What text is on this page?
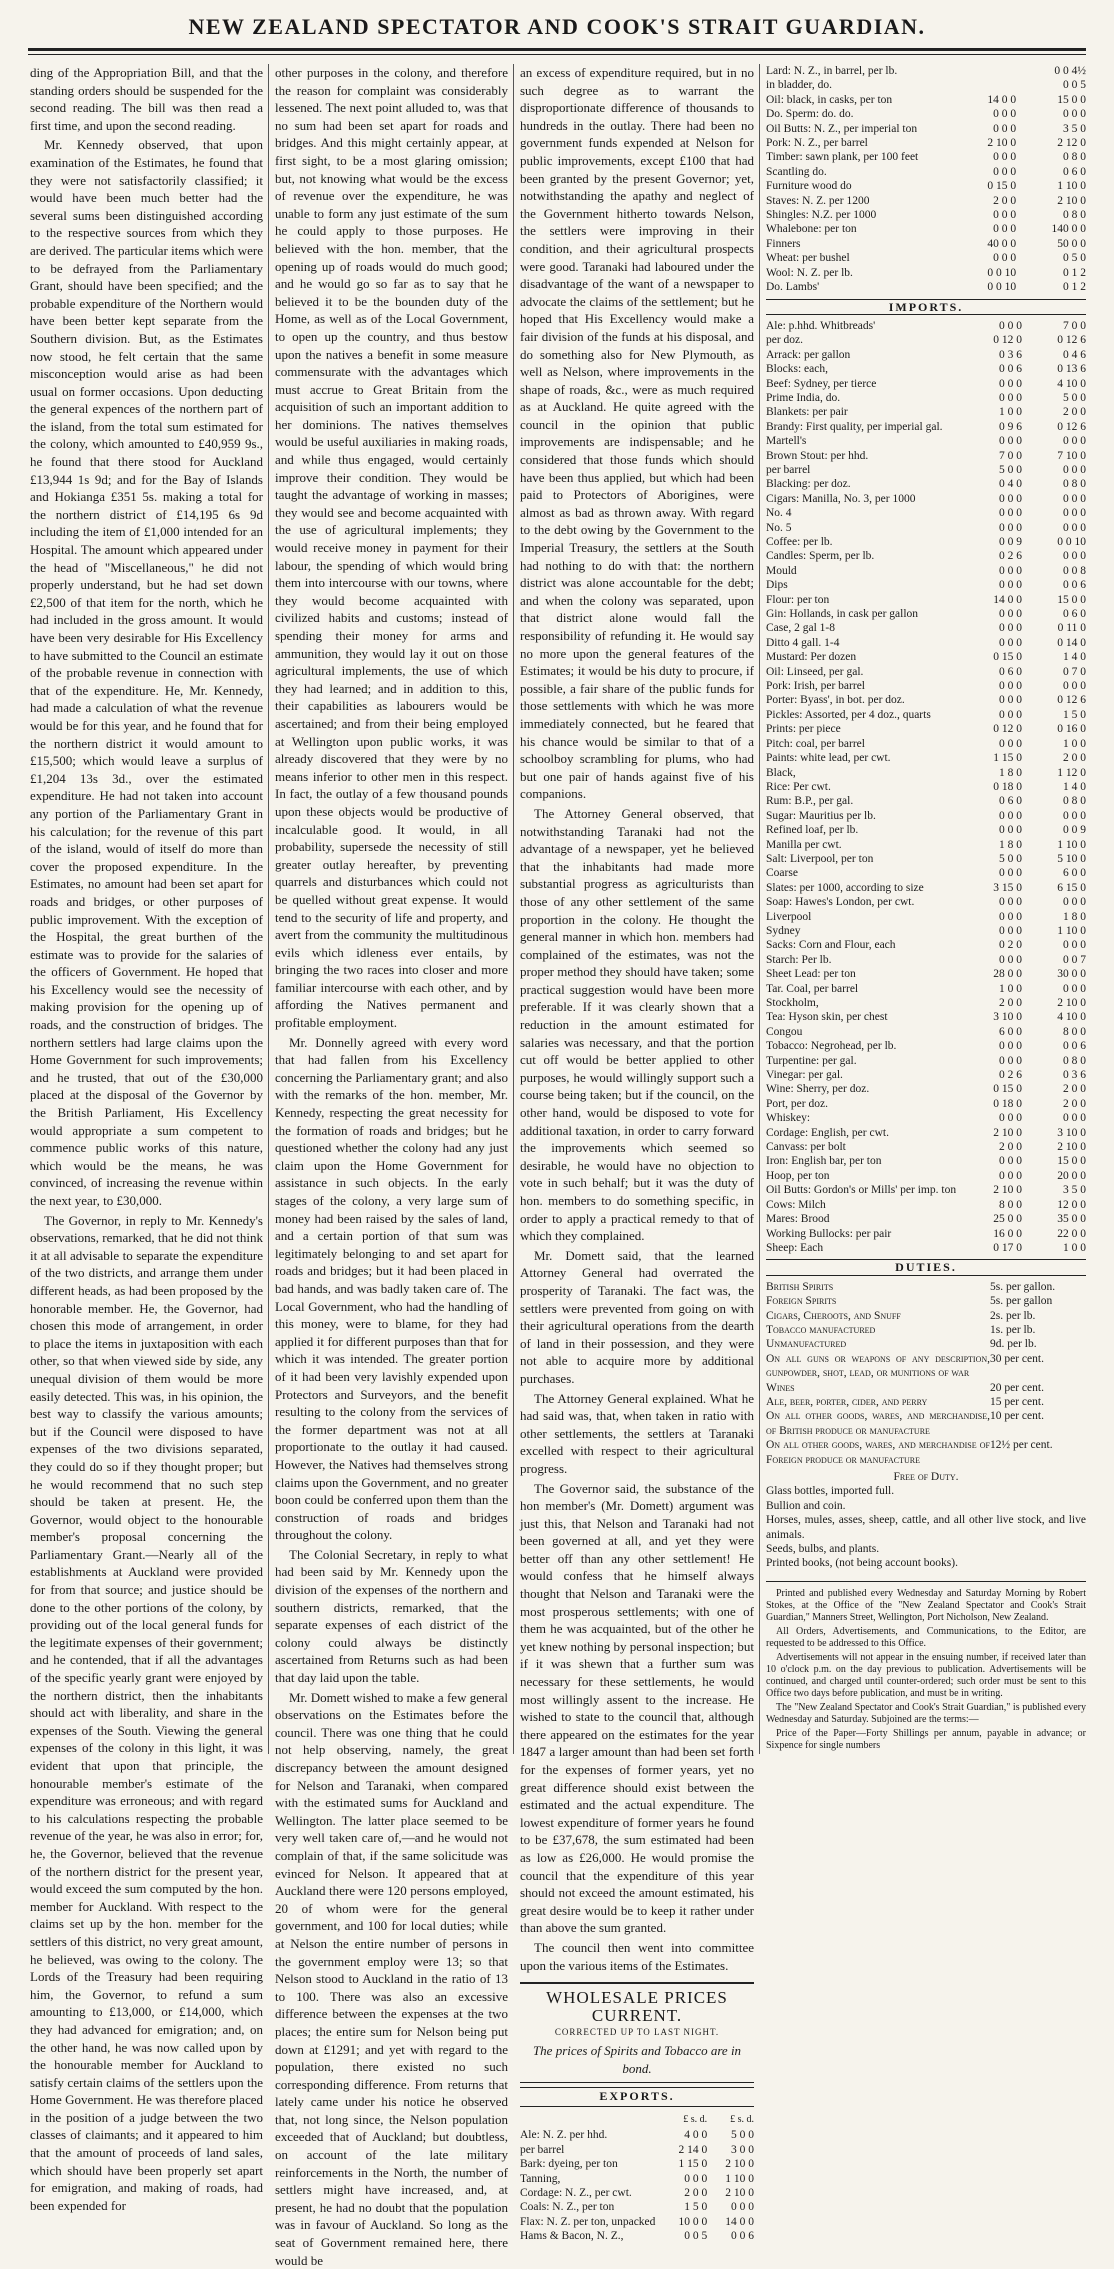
NEW ZEALAND SPECTATOR AND COOK'S STRAIT GUARDIAN.

ding of the Appropriation Bill, and that the standing orders should be suspended for the second reading. The bill was then read a first time, and upon the second reading.

Mr. Kennedy observed, that upon examination of the Estimates, he found that they were not satisfactorily classified; it would have been much better had the several sums been distinguished according to the respective sources from which they are derived. The particular items which were to be defrayed from the Parliamentary Grant, should have been specified; and the probable expenditure of the Northern would have been better kept separate from the Southern division. But, as the Estimates now stood, he felt certain that the same misconception would arise as had been usual on former occasions. Upon deducting the general expences of the northern part of the island, from the total sum estimated for the colony, which amounted to £40,959 9s., he found that there stood for Auckland £13,944 1s 9d; and for the Bay of Islands and Hokianga £351 5s. making a total for the northern district of £14,195 6s 9d including the item of £1,000 intended for an Hospital. The amount which appeared under the head of "Miscellaneous," he did not properly understand, but he had set down £2,500 of that item for the north, which he had included in the gross amount. It would have been very desirable for His Excellency to have submitted to the Council an estimate of the probable revenue in connection with that of the expenditure. He, Mr. Kennedy, had made a calculation of what the revenue would be for this year, and he found that for the northern district it would amount to £15,500; which would leave a surplus of £1,204 13s 3d., over the estimated expenditure. He had not taken into account any portion of the Parliamentary Grant in his calculation; for the revenue of this part of the island, would of itself do more than cover the proposed expenditure. In the Estimates, no amount had been set apart for roads and bridges, or other purposes of public improvement. With the exception of the Hospital, the great burthen of the estimate was to provide for the salaries of the officers of Government. He hoped that his Excellency would see the necessity of making provision for the opening up of roads, and the construction of bridges. The northern settlers had large claims upon the Home Government for such improvements; and he trusted, that out of the £30,000 placed at the disposal of the Governor by the British Parliament, His Excellency would appropriate a sum competent to commence public works of this nature, which would be the means, he was convinced, of increasing the revenue within the next year, to £30,000.

The Governor, in reply to Mr. Kennedy's observations, remarked, that he did not think it at all advisable to separate the expenditure of the two districts, and arrange them under different heads, as had been proposed by the honorable member. He, the Governor, had chosen this mode of arrangement, in order to place the items in juxtaposition with each other, so that when viewed side by side, any unequal division of them would be more easily detected. This was, in his opinion, the best way to classify the various amounts; but if the Council were disposed to have expenses of the two divisions separated, they could do so if they thought proper; but he would recommend that no such step should be taken at present. He, the Governor, would object to the honourable member's proposal concerning the Parliamentary Grant.—Nearly all of the establishments at Auckland were provided for from that source; and justice should be done to the other portions of the colony, by providing out of the local general funds for the legitimate expenses of their government; and he contended, that if all the advantages of the specific yearly grant were enjoyed by the northern district, then the inhabitants should act with liberality, and share in the expenses of the South. Viewing the general expenses of the colony in this light, it was evident that upon that principle, the honourable member's estimate of the expenditure was erroneous; and with regard to his calculations respecting the probable revenue of the year, he was also in error; for, he, the Governor, believed that the revenue of the northern district for the present year, would exceed the sum computed by the hon. member for Auckland. With respect to the claims set up by the hon. member for the settlers of this district, no very great amount, he believed, was owing to the colony. The Lords of the Treasury had been requiring him, the Governor, to refund a sum amounting to £13,000, or £14,000, which they had advanced for emigration; and, on the other hand, he was now called upon by the honourable member for Auckland to satisfy certain claims of the settlers upon the Home Government. He was therefore placed in the position of a judge between the two classes of claimants; and it appeared to him that the amount of proceeds of land sales, which should have been properly set apart for emigration, and making of roads, had been expended for

other purposes in the colony, and therefore the reason for complaint was considerably lessened. The next point alluded to, was that no sum had been set apart for roads and bridges. And this might certainly appear, at first sight, to be a most glaring omission; but, not knowing what would be the excess of revenue over the expenditure, he was unable to form any just estimate of the sum he could apply to those purposes. He believed with the hon. member, that the opening up of roads would do much good; and he would go so far as to say that he believed it to be the bounden duty of the Home, as well as of the Local Government, to open up the country, and thus bestow upon the natives a benefit in some measure commensurate with the advantages which must accrue to Great Britain from the acquisition of such an important addition to her dominions. The natives themselves would be useful auxiliaries in making roads, and while thus engaged, would certainly improve their condition. They would be taught the advantage of working in masses; they would see and become acquainted with the use of agricultural implements; they would receive money in payment for their labour, the spending of which would bring them into intercourse with our towns, where they would become acquainted with civilized habits and customs; instead of spending their money for arms and ammunition, they would lay it out on those agricultural implements, the use of which they had learned; and in addition to this, their capabilities as labourers would be ascertained; and from their being employed at Wellington upon public works, it was already discovered that they were by no means inferior to other men in this respect. In fact, the outlay of a few thousand pounds upon these objects would be productive of incalculable good. It would, in all probability, supersede the necessity of still greater outlay hereafter, by preventing quarrels and disturbances which could not be quelled without great expense. It would tend to the security of life and property, and avert from the community the multitudinous evils which idleness ever entails, by bringing the two races into closer and more familiar intercourse with each other, and by affording the Natives permanent and profitable employment.

Mr. Donnelly agreed with every word that had fallen from his Excellency concerning the Parliamentary grant; and also with the remarks of the hon. member, Mr. Kennedy, respecting the great necessity for the formation of roads and bridges; but he questioned whether the colony had any just claim upon the Home Government for assistance in such objects. In the early stages of the colony, a very large sum of money had been raised by the sales of land, and a certain portion of that sum was legitimately belonging to and set apart for roads and bridges; but it had been placed in bad hands, and was badly taken care of. The Local Government, who had the handling of this money, were to blame, for they had applied it for different purposes than that for which it was intended. The greater portion of it had been very lavishly expended upon Protectors and Surveyors, and the benefit resulting to the colony from the services of the former department was not at all proportionate to the outlay it had caused. However, the Natives had themselves strong claims upon the Government, and no greater boon could be conferred upon them than the construction of roads and bridges throughout the colony.

The Colonial Secretary, in reply to what had been said by Mr. Kennedy upon the division of the expenses of the northern and southern districts, remarked, that the separate expenses of each district of the colony could always be distinctly ascertained from Returns such as had been that day laid upon the table.

Mr. Domett wished to make a few general observations on the Estimates before the council. There was one thing that he could not help observing, namely, the great discrepancy between the amount designed for Nelson and Taranaki, when compared with the estimated sums for Auckland and Wellington. The latter place seemed to be very well taken care of,—and he would not complain of that, if the same solicitude was evinced for Nelson. It appeared that at Auckland there were 120 persons employed, 20 of whom were for the general government, and 100 for local duties; while at Nelson the entire number of persons in the government employ were 13; so that Nelson stood to Auckland in the ratio of 13 to 100. There was also an excessive difference between the expenses at the two places; the entire sum for Nelson being put down at £1291; and yet with regard to the population, there existed no such corresponding difference. From returns that lately came under his notice he observed that, not long since, the Nelson population exceeded that of Auckland; but doubtless, on account of the late military reinforcements in the North, the number of settlers might have increased, and, at present, he had no doubt that the population was in favour of Auckland. So long as the seat of Government remained here, there would be

an excess of expenditure required, but in no such degree as to warrant the disproportionate difference of thousands to hundreds in the outlay. There had been no government funds expended at Nelson for public improvements, except £100 that had been granted by the present Governor; yet, notwithstanding the apathy and neglect of the Government hitherto towards Nelson, the settlers were improving in their condition, and their agricultural prospects were good. Taranaki had laboured under the disadvantage of the want of a newspaper to advocate the claims of the settlement; but he hoped that His Excellency would make a fair division of the funds at his disposal, and do something also for New Plymouth, as well as Nelson, where improvements in the shape of roads, &c., were as much required as at Auckland. He quite agreed with the council in the opinion that public improvements are indispensable; and he considered that those funds which should have been thus applied, but which had been paid to Protectors of Aborigines, were almost as bad as thrown away. With regard to the debt owing by the Government to the Imperial Treasury, the settlers at the South had nothing to do with that: the northern district was alone accountable for the debt; and when the colony was separated, upon that district alone would fall the responsibility of refunding it. He would say no more upon the general features of the Estimates; it would be his duty to procure, if possible, a fair share of the public funds for those settlements with which he was more immediately connected, but he feared that his chance would be similar to that of a schoolboy scrambling for plums, who had but one pair of hands against five of his companions.

The Attorney General observed, that notwithstanding Taranaki had not the advantage of a newspaper, yet he believed that the inhabitants had made more substantial progress as agriculturists than those of any other settlement of the same proportion in the colony. He thought the general manner in which hon. members had complained of the estimates, was not the proper method they should have taken; some practical suggestion would have been more preferable. If it was clearly shown that a reduction in the amount estimated for salaries was necessary, and that the portion cut off would be better applied to other purposes, he would willingly support such a course being taken; but if the council, on the other hand, would be disposed to vote for additional taxation, in order to carry forward the improvements which seemed so desirable, he would have no objection to vote in such behalf; but it was the duty of hon. members to do something specific, in order to apply a practical remedy to that of which they complained.

Mr. Domett said, that the learned Attorney General had overrated the prosperity of Taranaki. The fact was, the settlers were prevented from going on with their agricultural operations from the dearth of land in their possession, and they were not able to acquire more by additional purchases.

The Attorney General explained. What he had said was, that, when taken in ratio with other settlements, the settlers at Taranaki excelled with respect to their agricultural progress.

The Governor said, the substance of the hon member's (Mr. Domett) argument was just this, that Nelson and Taranaki had not been governed at all, and yet they were better off than any other settlement! He would confess that he himself always thought that Nelson and Taranaki were the most prosperous settlements; with one of them he was acquainted, but of the other he yet knew nothing by personal inspection; but if it was shewn that a further sum was necessary for these settlements, he would most willingly assent to the increase. He wished to state to the council that, although there appeared on the estimates for the year 1847 a larger amount than had been set forth for the expenses of former years, yet no great difference should exist between the estimated and the actual expenditure. The lowest expenditure of former years he found to be £37,678, the sum estimated had been as low as £26,000. He would promise the council that the expenditure of this year should not exceed the amount estimated, his great desire would be to keep it rather under than above the sum granted.

The council then went into committee upon the various items of the Estimates.

WHOLESALE PRICES CURRENT.
CORRECTED UP TO LAST NIGHT.
The prices of Spirits and Tobacco are in bond.
EXPORTS.
	£ s. d.	£ s. d.
Ale: N. Z. per hhd.	4 0 0	5 0 0
per barrel	2 14 0	3 0 0
Bark: dyeing, per ton	1 15 0	2 10 0
Tanning,	0 0 0	1 10 0
Cordage: N. Z., per cwt.	2 0 0	2 10 0
Coals: N. Z., per ton	1 5 0	0 0 0
Flax: N. Z. per ton, unpacked	10 0 0	14 0 0
Hams & Bacon, N. Z.,	0 0 5	0 0 6
Lard: N. Z., in barrel, per lb.		0 0 4½
in bladder, do.		0 0 5
Oil: black, in casks, per ton	14 0 0	15 0 0
Do. Sperm: do. do.	0 0 0	0 0 0
Oil Butts: N. Z., per imperial ton	0 0 0	3 5 0
Pork: N. Z., per barrel	2 10 0	2 12 0
Timber: sawn plank, per 100 feet	0 0 0	0 8 0
Scantling do.	0 0 0	0 6 0
Furniture wood do	0 15 0	1 10 0
Staves: N. Z. per 1200	2 0 0	2 10 0
Shingles: N.Z. per 1000	0 0 0	0 8 0
Whalebone: per ton	0 0 0	140 0 0
Finners	40 0 0	50 0 0
Wheat: per bushel	0 0 0	0 5 0
Wool: N. Z. per lb.	0 0 10	0 1 2
Do. Lambs'	0 0 10	0 1 2
IMPORTS.
Ale: p.hhd. Whitbreads'	0 0 0	7 0 0
per doz.	0 12 0	0 12 6
Arrack: per gallon	0 3 6	0 4 6
Blocks: each,	0 0 6	0 13 6
Beef: Sydney, per tierce	0 0 0	4 10 0
Prime India, do.	0 0 0	5 0 0
Blankets: per pair	1 0 0	2 0 0
Brandy: First quality, per imperial gal.	0 9 6	0 12 6
Martell's	0 0 0	0 0 0
Brown Stout: per hhd.	7 0 0	7 10 0
per barrel	5 0 0	0 0 0
Blacking: per doz.	0 4 0	0 8 0
Cigars: Manilla, No. 3, per 1000	0 0 0	0 0 0
No. 4	0 0 0	0 0 0
No. 5	0 0 0	0 0 0
Coffee: per lb.	0 0 9	0 0 10
Candles: Sperm, per lb.	0 2 6	0 0 0
Mould	0 0 0	0 0 8
Dips	0 0 0	0 0 6
Flour: per ton	14 0 0	15 0 0
Gin: Hollands, in cask per gallon	0 0 0	0 6 0
Case, 2 gal 1-8	0 0 0	0 11 0
Ditto 4 gall. 1-4	0 0 0	0 14 0
Mustard: Per dozen	0 15 0	1 4 0
Oil: Linseed, per gal.	0 6 0	0 7 0
Pork: Irish, per barrel	0 0 0	0 0 0
Porter: Byass', in bot. per doz.	0 0 0	0 12 6
Pickles: Assorted, per 4 doz., quarts	0 0 0	1 5 0
Prints: per piece	0 12 0	0 16 0
Pitch: coal, per barrel	0 0 0	1 0 0
Paints: white lead, per cwt.	1 15 0	2 0 0
Black,	1 8 0	1 12 0
Rice: Per cwt.	0 18 0	1 4 0
Rum: B.P., per gal.	0 6 0	0 8 0
Sugar: Mauritius per lb.	0 0 0	0 0 0
Refined loaf, per lb.	0 0 0	0 0 9
Manilla per cwt.	1 8 0	1 10 0
Salt: Liverpool, per ton	5 0 0	5 10 0
Coarse	0 0 0	6 0 0
Slates: per 1000, according to size	3 15 0	6 15 0
Soap: Hawes's London, per cwt.	0 0 0	0 0 0
Liverpool	0 0 0	1 8 0
Sydney	0 0 0	1 10 0
Sacks: Corn and Flour, each	0 2 0	0 0 0
Starch: Per lb.	0 0 0	0 0 7
Sheet Lead: per ton	28 0 0	30 0 0
Tar. Coal, per barrel	1 0 0	0 0 0
Stockholm,	2 0 0	2 10 0
Tea: Hyson skin, per chest	3 10 0	4 10 0
Congou	6 0 0	8 0 0
Tobacco: Negrohead, per lb.	0 0 0	0 0 6
Turpentine: per gal.	0 0 0	0 8 0
Vinegar: per gal.	0 2 6	0 3 6
Wine: Sherry, per doz.	0 15 0	2 0 0
Port, per doz.	0 18 0	2 0 0
Whiskey:	0 0 0	0 0 0
Cordage: English, per cwt.	2 10 0	3 10 0
Canvass: per bolt	2 0 0	2 10 0
Iron: English bar, per ton	0 0 0	15 0 0
Hoop, per ton	0 0 0	20 0 0
Oil Butts: Gordon's or Mills' per imp. ton	2 10 0	3 5 0
Cows: Milch	8 0 0	12 0 0
Mares: Brood	25 0 0	35 0 0
Working Bullocks: per pair	16 0 0	22 0 0
Sheep: Each	0 17 0	1 0 0
DUTIES.
British Spirits	5s. per gallon.
Foreign Spirits	5s. per gallon
Cigars, Cheroots, and Snuff	2s. per lb.
Tobacco manufactured	1s. per lb.
Unmanufactured	9d. per lb.
On all guns or weapons of any description, gunpowder, shot, lead, or munitions of war	30 per cent.
Wines	20 per cent.
Ale, beer, porter, cider, and perry	15 per cent.
On all other goods, wares, and merchandise, of British produce or manufacture	10 per cent.
On all other goods, wares, and merchandise of Foreign produce or manufacture	12½ per cent.
Free of Duty.
Glass bottles, imported full.
Bullion and coin.
Horses, mules, asses, sheep, cattle, and all other live stock, and live animals.
Seeds, bulbs, and plants.
Printed books, (not being account books).

Printed and published every Wednesday and Saturday Morning by Robert Stokes, at the Office of the "New Zealand Spectator and Cook's Strait Guardian," Manners Street, Wellington, Port Nicholson, New Zealand.

All Orders, Advertisements, and Communications, to the Editor, are requested to be addressed to this Office.

Advertisements will not appear in the ensuing number, if received later than 10 o'clock p.m. on the day previous to publication. Advertisements will be continued, and charged until counter-ordered; such order must be sent to this Office two days before publication, and must be in writing.

The "New Zealand Spectator and Cook's Strait Guardian," is published every Wednesday and Saturday. Subjoined are the terms:—

Price of the Paper—Forty Shillings per annum, payable in advance; or Sixpence for single numbers
